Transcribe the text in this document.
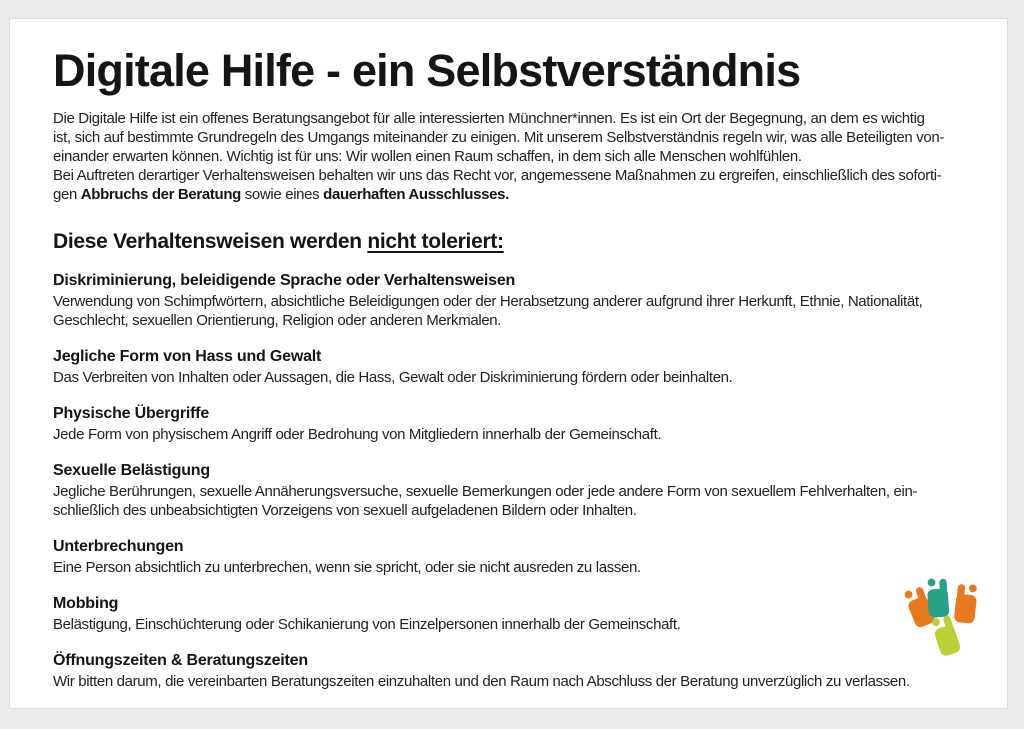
Digitale Hilfe - ein Selbstverständnis
Die Digitale Hilfe ist ein offenes Beratungsangebot für alle interessierten Münchner*innen. Es ist ein Ort der Begegnung, an dem es wichtig
ist, sich auf bestimmte Grundregeln des Umgangs miteinander zu einigen. Mit unserem Selbstverständnis regeln wir, was alle Beteiligten von-
einander erwarten können. Wichtig ist für uns: Wir wollen einen Raum schaffen, in dem sich alle Menschen wohlfühlen.
Bei Auftreten derartiger Verhaltensweisen behalten wir uns das Recht vor, angemessene Maßnahmen zu ergreifen, einschließlich des soforti-
gen Abbruchs der Beratung sowie eines dauerhaften Ausschlusses.
Diese Verhaltensweisen werden nicht toleriert:
Diskriminierung, beleidigende Sprache oder Verhaltensweisen
Verwendung von Schimpfwörtern, absichtliche Beleidigungen oder der Herabsetzung anderer aufgrund ihrer Herkunft, Ethnie, Nationalität,
Geschlecht, sexuellen Orientierung, Religion oder anderen Merkmalen.
Jegliche Form von Hass und Gewalt
Das Verbreiten von Inhalten oder Aussagen, die Hass, Gewalt oder Diskriminierung fördern oder beinhalten.
Physische Übergriffe
Jede Form von physischem Angriff oder Bedrohung von Mitgliedern innerhalb der Gemeinschaft.
Sexuelle Belästigung
Jegliche Berührungen, sexuelle Annäherungsversuche, sexuelle Bemerkungen oder jede andere Form von sexuellem Fehlverhalten, ein-
schließlich des unbeabsichtigten Vorzeigens von sexuell aufgeladenen Bildern oder Inhalten.
Unterbrechungen
Eine Person absichtlich zu unterbrechen, wenn sie spricht, oder sie nicht ausreden zu lassen.
Mobbing
Belästigung, Einschüchterung oder Schikanierung von Einzelpersonen innerhalb der Gemeinschaft.
Öffnungszeiten & Beratungszeiten
Wir bitten darum, die vereinbarten Beratungszeiten einzuhalten und den Raum nach Abschluss der Beratung unverzüglich zu verlassen.
